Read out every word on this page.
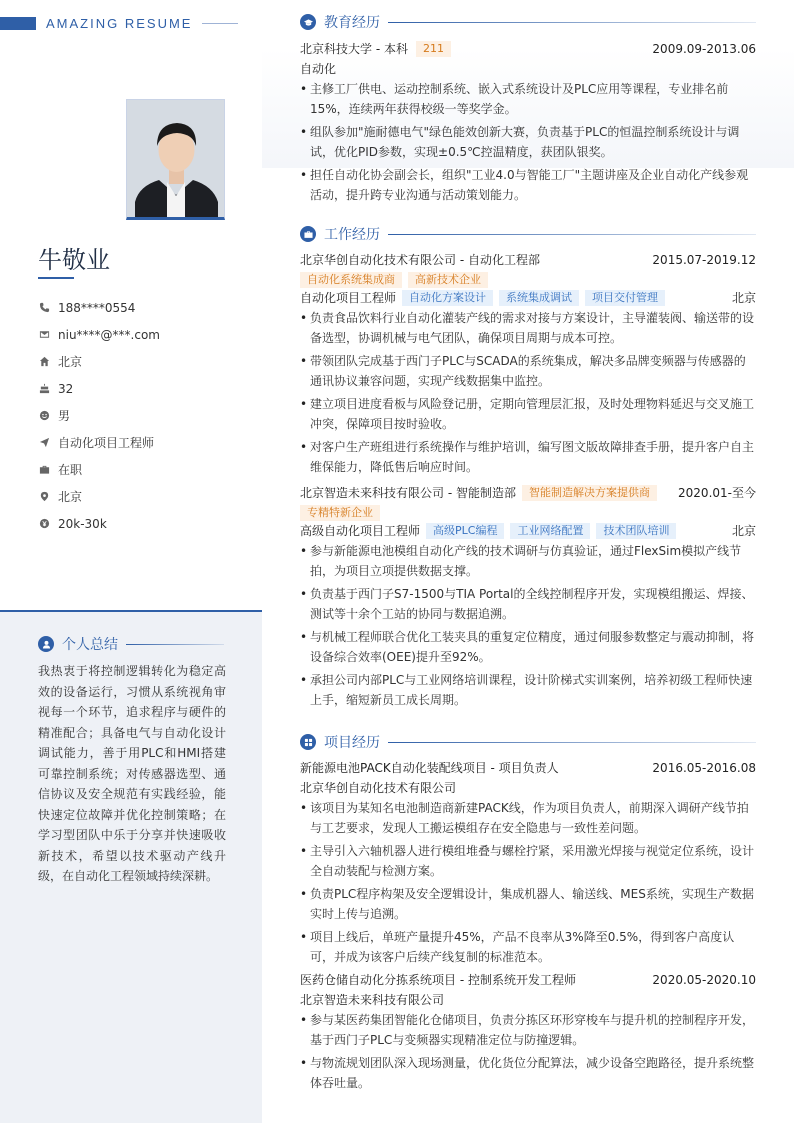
AMAZING RESUME
牛敬业
188****0554
niu****@***.com
北京
32
男
自动化项目工程师
在职
北京
20k-30k
个人总结
我热衷于将控制逻辑转化为稳定高效的设备运行，习惯从系统视角审视每一个环节，追求程序与硬件的精准配合；具备电气与自动化设计调试能力，善于用PLC和HMI搭建可靠控制系统；对传感器选型、通信协议及安全规范有实践经验，能快速定位故障并优化控制策略；在学习型团队中乐于分享并快速吸收新技术，希望以技术驱动产线升级，在自动化工程领域持续深耕。
教育经历
北京科技大学 - 本科	211	2009.09-2013.06
自动化
• 主修工厂供电、运动控制系统、嵌入式系统设计及PLC应用等课程，专业排名前15%，连续两年获得校级一等奖学金。
• 组队参加"施耐德电气"绿色能效创新大赛，负责基于PLC的恒温控制系统设计与调试，优化PID参数，实现±0.5℃控温精度，获团队银奖。
• 担任自动化协会副会长，组织"工业4.0与智能工厂"主题讲座及企业自动化产线参观活动，提升跨专业沟通与活动策划能力。
工作经历
北京华创自动化技术有限公司 - 自动化工程部	2015.07-2019.12
自动化系统集成商	高新技术企业
自动化项目工程师	自动化方案设计	系统集成调试	项目交付管理	北京
• 负责食品饮料行业自动化灌装产线的需求对接与方案设计，主导灌装阀、输送带的设备选型，协调机械与电气团队，确保项目周期与成本可控。
• 带领团队完成基于西门子PLC与SCADA的系统集成，解决多品牌变频器与传感器的通讯协议兼容问题，实现产线数据集中监控。
• 建立项目进度看板与风险登记册，定期向管理层汇报，及时处理物料延迟与交叉施工冲突，保障项目按时验收。
• 对客户生产班组进行系统操作与维护培训，编写图文版故障排查手册，提升客户自主维保能力，降低售后响应时间。
北京智造未来科技有限公司 - 智能制造部	智能制造解决方案提供商	2020.01-至今
专精特新企业
高级自动化项目工程师	高级PLC编程	工业网络配置	技术团队培训	北京
• 参与新能源电池模组自动化产线的技术调研与仿真验证，通过FlexSim模拟产线节拍，为项目立项提供数据支撑。
• 负责基于西门子S7-1500与TIA Portal的全线控制程序开发，实现模组搬运、焊接、测试等十余个工站的协同与数据追溯。
• 与机械工程师联合优化工装夹具的重复定位精度，通过伺服参数整定与震动抑制，将设备综合效率(OEE)提升至92%。
• 承担公司内部PLC与工业网络培训课程，设计阶梯式实训案例，培养初级工程师快速上手，缩短新员工成长周期。
项目经历
新能源电池PACK自动化装配线项目 - 项目负责人	2016.05-2016.08
北京华创自动化技术有限公司
• 该项目为某知名电池制造商新建PACK线，作为项目负责人，前期深入调研产线节拍与工艺要求，发现人工搬运模组存在安全隐患与一致性差问题。
• 主导引入六轴机器人进行模组堆叠与螺栓拧紧，采用激光焊接与视觉定位系统，设计全自动装配与检测方案。
• 负责PLC程序构架及安全逻辑设计，集成机器人、输送线、MES系统，实现生产数据实时上传与追溯。
• 项目上线后，单班产量提升45%，产品不良率从3%降至0.5%，得到客户高度认可，并成为该客户后续产线复制的标准范本。
医药仓储自动化分拣系统项目 - 控制系统开发工程师	2020.05-2020.10
北京智造未来科技有限公司
• 参与某医药集团智能化仓储项目，负责分拣区环形穿梭车与提升机的控制程序开发，基于西门子PLC与变频器实现精准定位与防撞逻辑。
• 与物流规划团队深入现场测量，优化货位分配算法，减少设备空跑路径，提升系统整体吞吐量。
